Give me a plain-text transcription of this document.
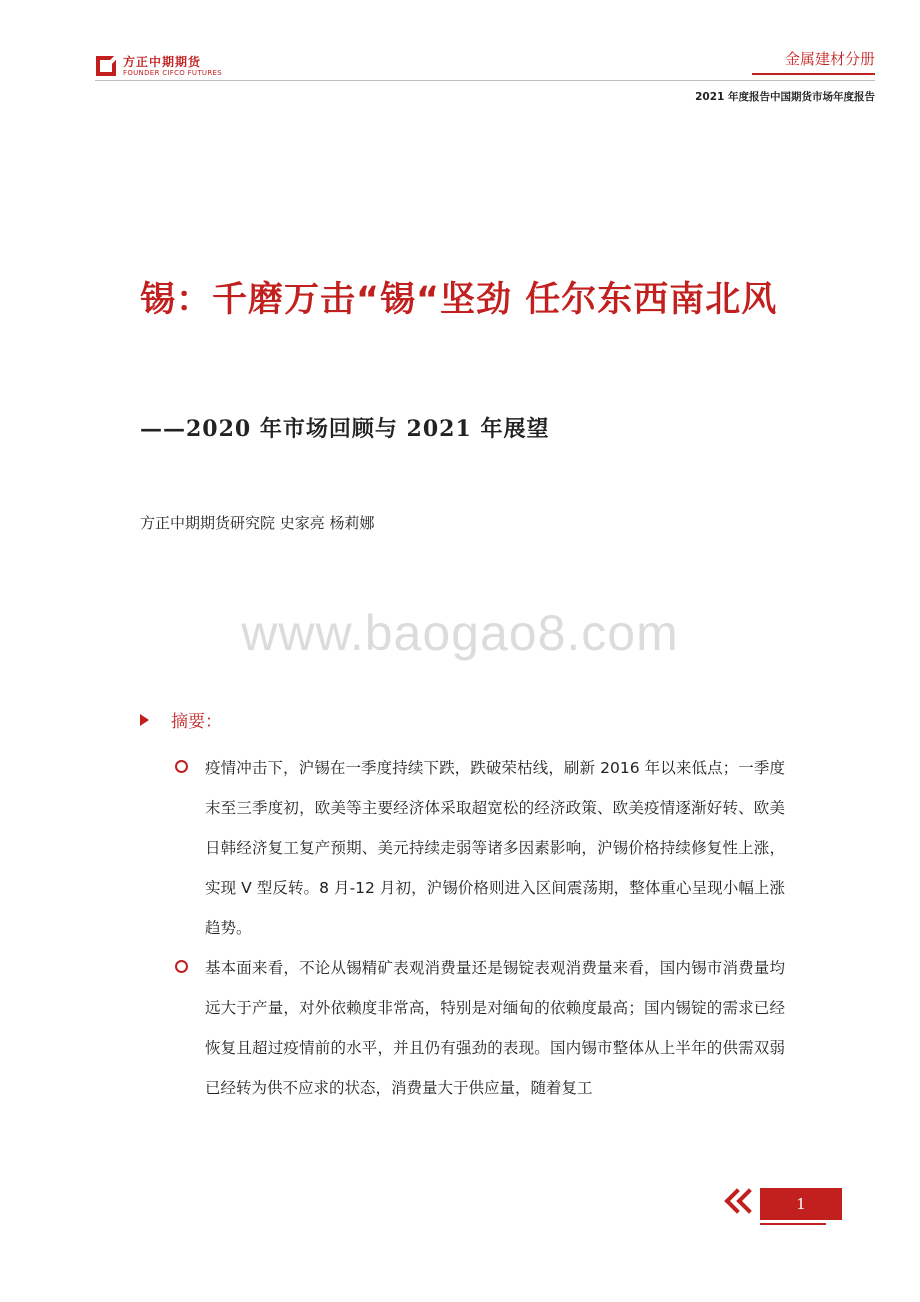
方正中期期货
FOUNDER CIFCO FUTURES
金属建材分册
2021 年度报告中国期货市场年度报告
锡：千磨万击“锡“坚劲 任尔东西南北风
——2020 年市场回顾与 2021 年展望
方正中期期货研究院 史家亮 杨莉娜
www.baogao8.com
摘要：
疫情冲击下，沪锡在一季度持续下跌，跌破荣枯线，刷新 2016 年以来低点；一季度末至三季度初，欧美等主要经济体采取超宽松的经济政策、欧美疫情逐渐好转、欧美日韩经济复工复产预期、美元持续走弱等诸多因素影响，沪锡价格持续修复性上涨，实现 V 型反转。8 月-12 月初，沪锡价格则进入区间震荡期，整体重心呈现小幅上涨趋势。
基本面来看，不论从锡精矿表观消费量还是锡锭表观消费量来看，国内锡市消费量均远大于产量，对外依赖度非常高，特别是对缅甸的依赖度最高；国内锡锭的需求已经恢复且超过疫情前的水平，并且仍有强劲的表现。国内锡市整体从上半年的供需双弱已经转为供不应求的状态，消费量大于供应量，随着复工
1
